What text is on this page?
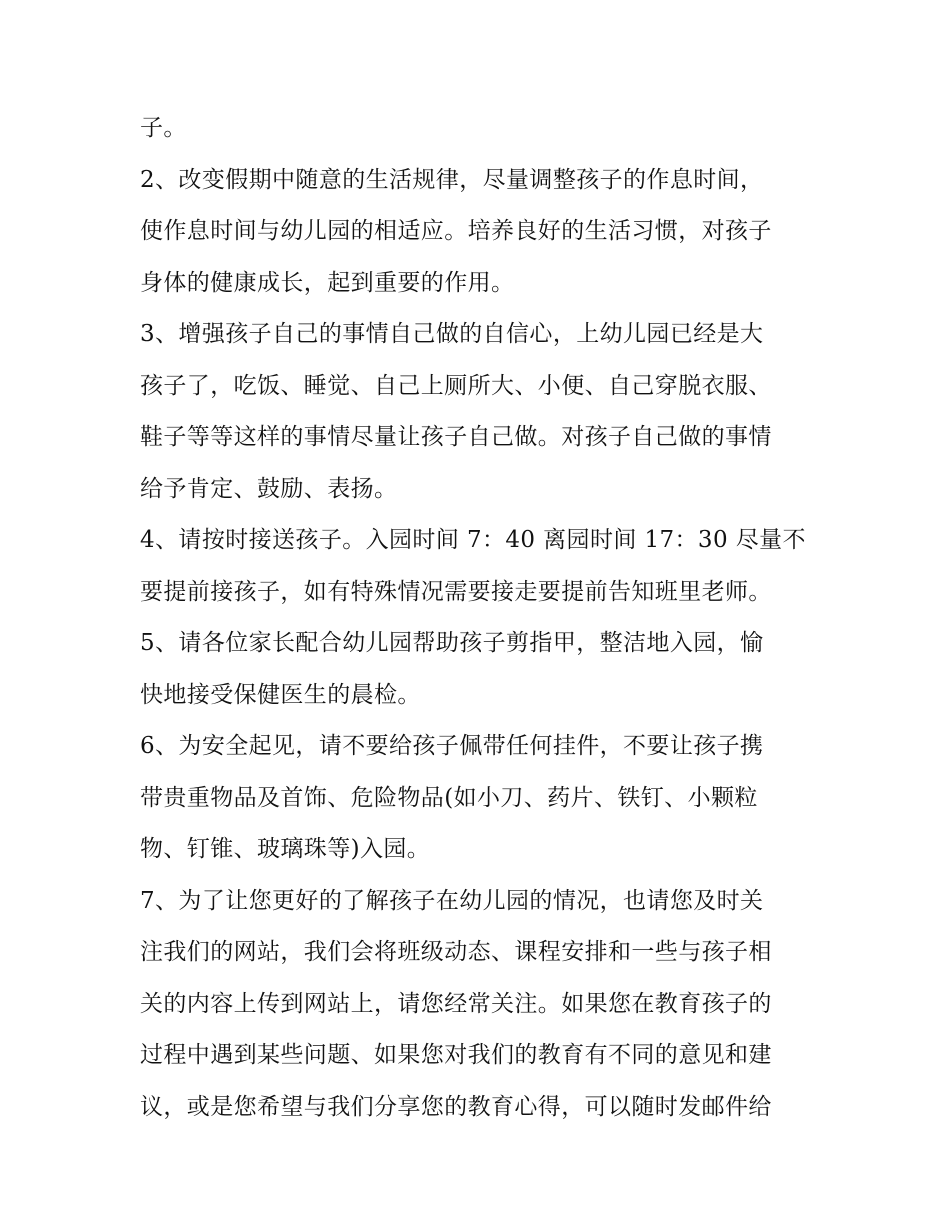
子。
2、改变假期中随意的生活规律，尽量调整孩子的作息时间，
使作息时间与幼儿园的相适应。培养良好的生活习惯，对孩子
身体的健康成长，起到重要的作用。
3、增强孩子自己的事情自己做的自信心，上幼儿园已经是大
孩子了，吃饭、睡觉、自己上厕所大、小便、自己穿脱衣服、
鞋子等等这样的事情尽量让孩子自己做。对孩子自己做的事情
给予肯定、鼓励、表扬。
4、请按时接送孩子。入园时间 7：40 离园时间 17：30 尽量不
要提前接孩子，如有特殊情况需要接走要提前告知班里老师。
5、请各位家长配合幼儿园帮助孩子剪指甲，整洁地入园，愉
快地接受保健医生的晨检。
6、为安全起见，请不要给孩子佩带任何挂件，不要让孩子携
带贵重物品及首饰、危险物品(如小刀、药片、铁钉、小颗粒
物、钉锥、玻璃珠等)入园。
7、为了让您更好的了解孩子在幼儿园的情况，也请您及时关
注我们的网站，我们会将班级动态、课程安排和一些与孩子相
关的内容上传到网站上，请您经常关注。如果您在教育孩子的
过程中遇到某些问题、如果您对我们的教育有不同的意见和建
议，或是您希望与我们分享您的教育心得，可以随时发邮件给
